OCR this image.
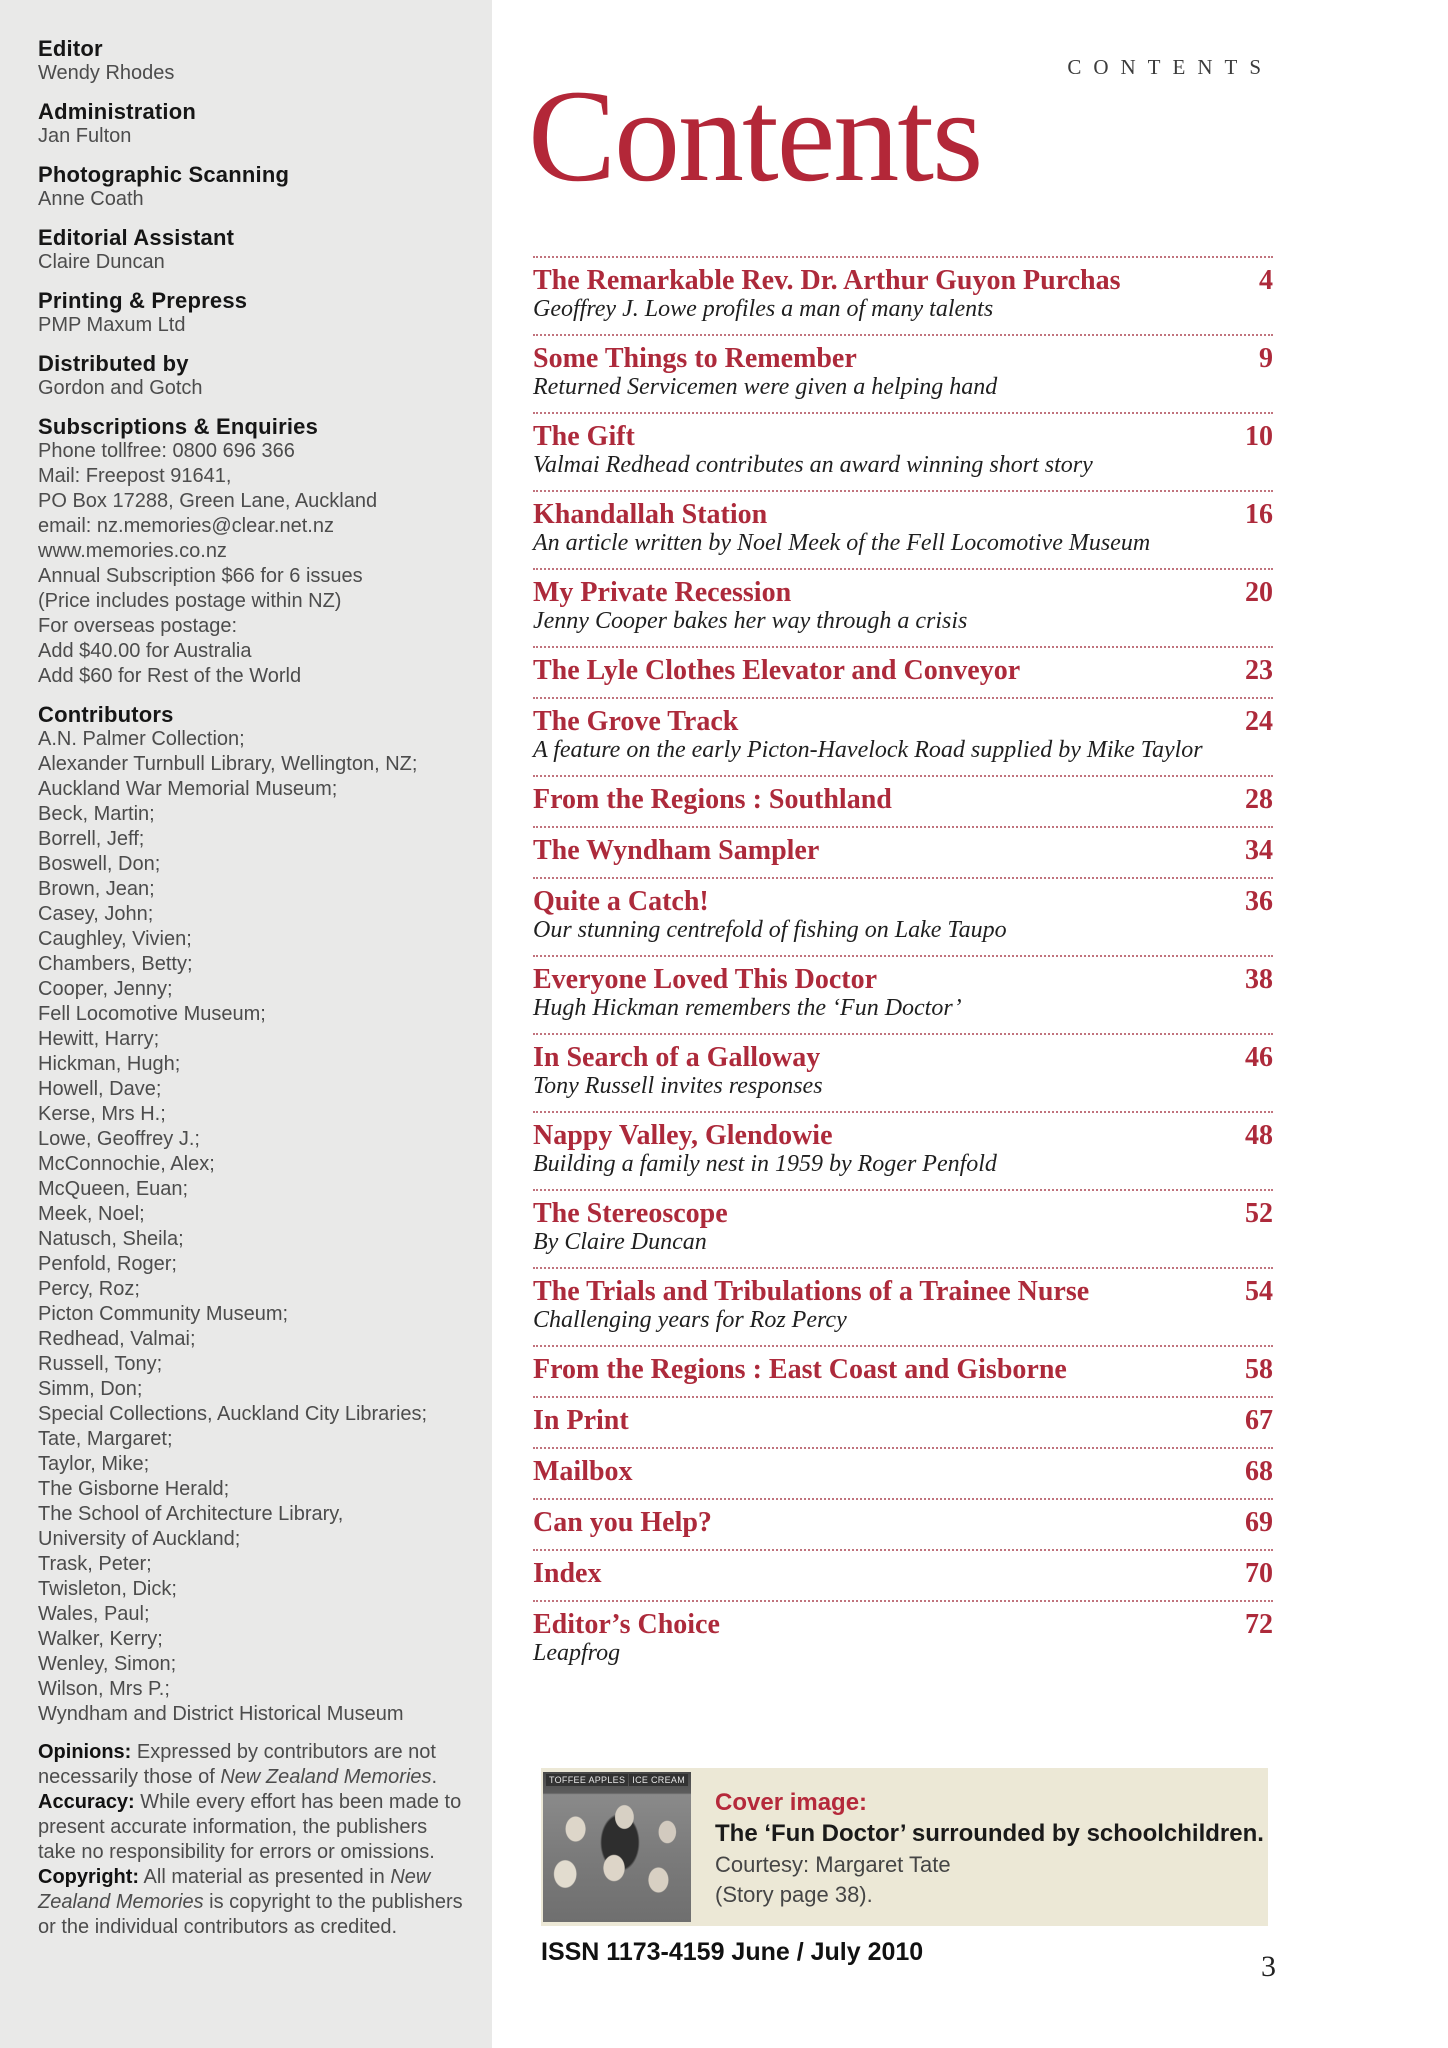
Editor
Wendy Rhodes
Administration
Jan Fulton
Photographic Scanning
Anne Coath
Editorial Assistant
Claire Duncan
Printing & Prepress
PMP Maxum Ltd
Distributed by
Gordon and Gotch
Subscriptions & Enquiries
Phone tollfree: 0800 696 366
Mail: Freepost 91641,
PO Box 17288, Green Lane, Auckland
email: nz.memories@clear.net.nz
www.memories.co.nz
Annual Subscription $66 for 6 issues
(Price includes postage within NZ)
For overseas postage:
Add $40.00 for Australia
Add $60 for Rest of the World
Contributors
A.N. Palmer Collection;
Alexander Turnbull Library, Wellington, NZ;
Auckland War Memorial Museum;
Beck, Martin;
Borrell, Jeff;
Boswell, Don;
Brown, Jean;
Casey, John;
Caughley, Vivien;
Chambers, Betty;
Cooper, Jenny;
Fell Locomotive Museum;
Hewitt, Harry;
Hickman, Hugh;
Howell, Dave;
Kerse, Mrs H.;
Lowe, Geoffrey J.;
McConnochie, Alex;
McQueen, Euan;
Meek, Noel;
Natusch, Sheila;
Penfold, Roger;
Percy, Roz;
Picton Community Museum;
Redhead, Valmai;
Russell, Tony;
Simm, Don;
Special Collections, Auckland City Libraries;
Tate, Margaret;
Taylor, Mike;
The Gisborne Herald;
The School of Architecture Library,
University of Auckland;
Trask, Peter;
Twisleton, Dick;
Wales, Paul;
Walker, Kerry;
Wenley, Simon;
Wilson, Mrs P.;
Wyndham and District Historical Museum

Opinions: Expressed by contributors are not necessarily those of New Zealand Memories.

Accuracy: While every effort has been made to present accurate information, the publishers take no responsibility for errors or omissions.

Copyright: All material as presented in New Zealand Memories is copyright to the publishers or the individual contributors as credited.

CONTENTS
Contents
The Remarkable Rev. Dr. Arthur Guyon Purchas	4
Geoffrey J. Lowe profiles a man of many talents
Some Things to Remember	9
Returned Servicemen were given a helping hand
The Gift	10
Valmai Redhead contributes an award winning short story
Khandallah Station	16
An article written by Noel Meek of the Fell Locomotive Museum
My Private Recession	20
Jenny Cooper bakes her way through a crisis
The Lyle Clothes Elevator and Conveyor	23
The Grove Track	24
A feature on the early Picton-Havelock Road supplied by Mike Taylor
From the Regions : Southland	28
The Wyndham Sampler	34
Quite a Catch!	36
Our stunning centrefold of fishing on Lake Taupo
Everyone Loved This Doctor	38
Hugh Hickman remembers the ‘Fun Doctor’
In Search of a Galloway	46
Tony Russell invites responses
Nappy Valley, Glendowie	48
Building a family nest in 1959 by Roger Penfold
The Stereoscope	52
By Claire Duncan
The Trials and Tribulations of a Trainee Nurse	54
Challenging years for Roz Percy
From the Regions : East Coast and Gisborne	58
In Print	67
Mailbox	68
Can you Help?	69
Index	70
Editor’s Choice	72
Leapfrog
TOFFEE APPLES ICE CREAM
Cover image:
The ‘Fun Doctor’ surrounded by schoolchildren.
Courtesy: Margaret Tate
(Story page 38).
ISSN 1173-4159 June / July 2010	3
